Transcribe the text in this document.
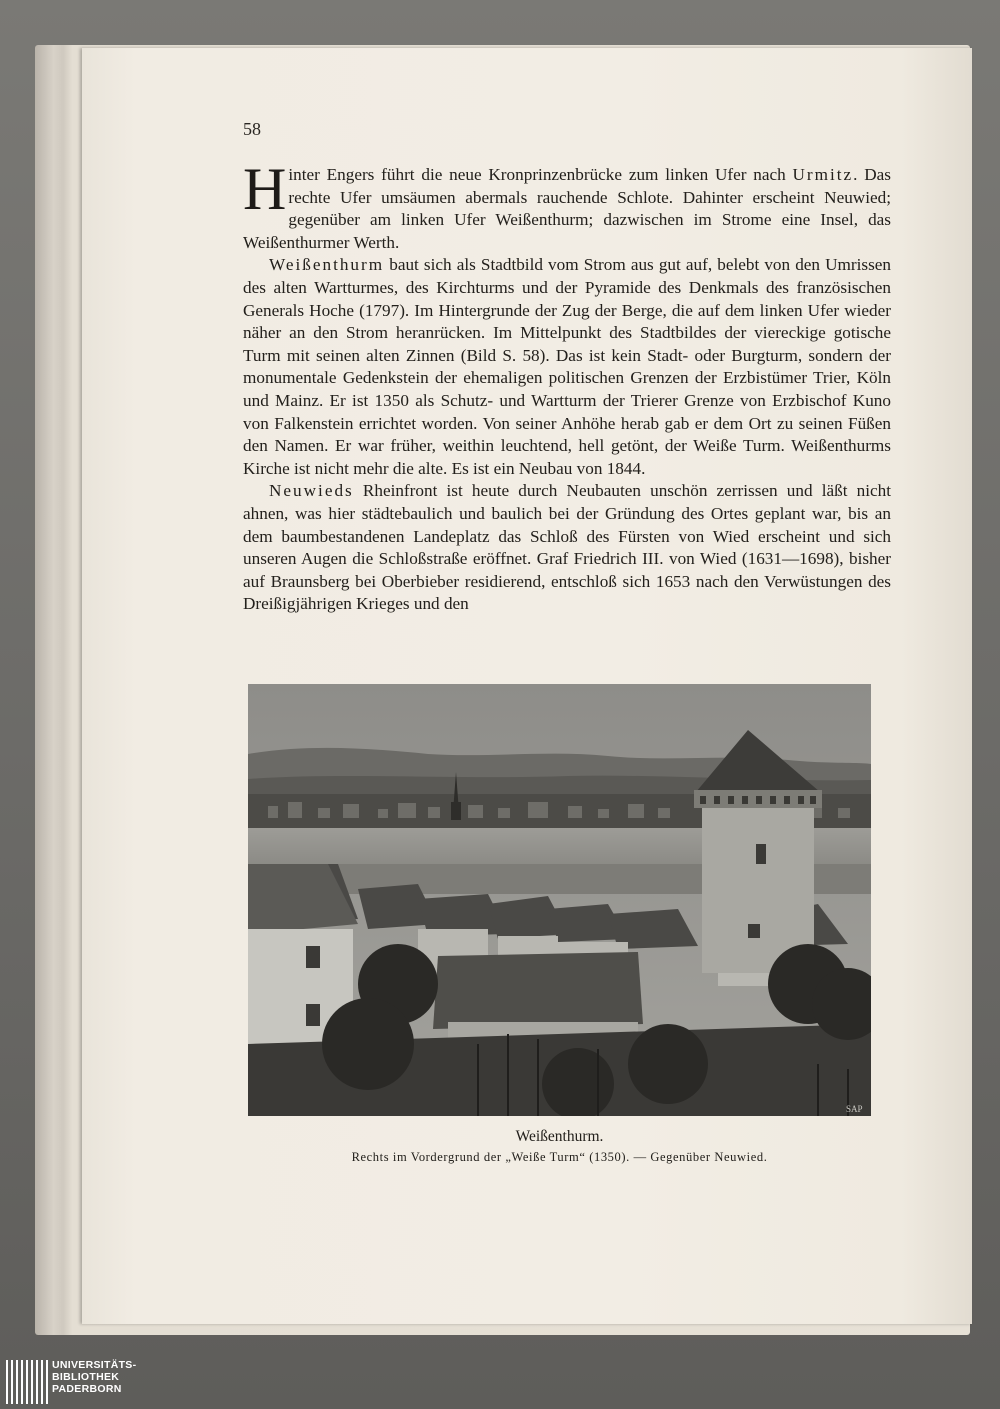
58

Hinter Engers führt die neue Kronprinzenbrücke zum linken Ufer nach Urmitz. Das rechte Ufer umsäumen abermals rauchende Schlote. Dahinter erscheint Neuwied; gegenüber am linken Ufer Weißenthurm; dazwischen im Strome eine Insel, das Weißenthurmer Werth.

Weißenthurm baut sich als Stadtbild vom Strom aus gut auf, belebt von den Umrissen des alten Wartturmes, des Kirchturms und der Pyramide des Denkmals des französischen Generals Hoche (1797). Im Hintergrunde der Zug der Berge, die auf dem linken Ufer wieder näher an den Strom heranrücken. Im Mittelpunkt des Stadtbildes der viereckige gotische Turm mit seinen alten Zinnen (Bild S. 58). Das ist kein Stadt- oder Burgturm, sondern der monumentale Gedenkstein der ehemaligen politischen Grenzen der Erzbistümer Trier, Köln und Mainz. Er ist 1350 als Schutz- und Wartturm der Trierer Grenze von Erzbischof Kuno von Falkenstein errichtet worden. Von seiner Anhöhe herab gab er dem Ort zu seinen Füßen den Namen. Er war früher, weithin leuchtend, hell getönt, der Weiße Turm. Weißenthurms Kirche ist nicht mehr die alte. Es ist ein Neubau von 1844.

Neuwieds Rheinfront ist heute durch Neubauten unschön zerrissen und läßt nicht ahnen, was hier städtebaulich und baulich bei der Gründung des Ortes geplant war, bis an dem baumbestandenen Landeplatz das Schloß des Fürsten von Wied erscheint und sich unseren Augen die Schloßstraße eröffnet. Graf Friedrich III. von Wied (1631—1698), bisher auf Braunsberg bei Oberbieber residierend, entschloß sich 1653 nach den Verwüstungen des Dreißigjährigen Krieges und den

SAP
Weißenthurm.
Rechts im Vordergrund der „Weiße Turm“ (1350). — Gegenüber Neuwied.
UNIVERSITÄTS-
BIBLIOTHEK
PADERBORN
